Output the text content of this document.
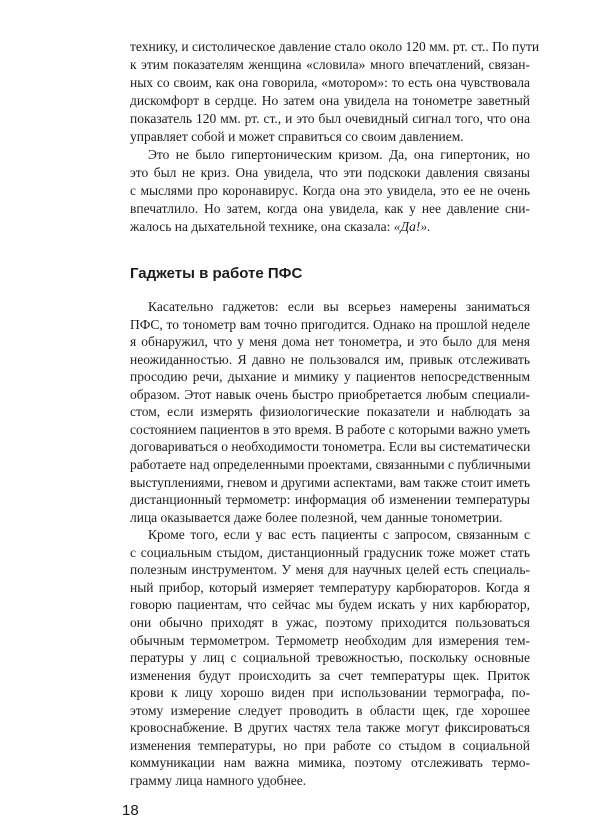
технику, и систолическое давление стало около 120 мм. рт. ст.. По пути
к этим показателям женщина «словила» много впечатлений, связан-
ных со своим, как она говорила, «мотором»: то есть она чувствовала
дискомфорт в сердце. Но затем она увидела на тонометре заветный
показатель 120 мм. рт. ст., и это был очевидный сигнал того, что она
управляет собой и может справиться со своим давлением.
Это не было гипертоническим кризом. Да, она гипертоник, но
это был не криз. Она увидела, что эти подскоки давления связаны
с мыслями про коронавирус. Когда она это увидела, это ее не очень
впечатлило. Но затем, когда она увидела, как у нее давление сни-
жалось на дыхательной технике, она сказала: «Да!».
Гаджеты в работе ПФС
Касательно гаджетов: если вы всерьез намерены заниматься
ПФС, то тонометр вам точно пригодится. Однако на прошлой неделе
я обнаружил, что у меня дома нет тонометра, и это было для меня
неожиданностью. Я давно не пользовался им, привык отслеживать
просодию речи, дыхание и мимику у пациентов непосредственным
образом. Этот навык очень быстро приобретается любым специали-
стом, если измерять физиологические показатели и наблюдать за
состоянием пациентов в это время. В работе с которыми важно уметь
договариваться о необходимости тонометра. Если вы систематически
работаете над определенными проектами, связанными с публичными
выступлениями, гневом и другими аспектами, вам также стоит иметь
дистанционный термометр: информация об изменении температуры
лица оказывается даже более полезной, чем данные тонометрии.
Кроме того, если у вас есть пациенты с запросом, связанным с
с социальным стыдом, дистанционный градусник тоже может стать
полезным инструментом. У меня для научных целей есть специаль-
ный прибор, который измеряет температуру карбюраторов. Когда я
говорю пациентам, что сейчас мы будем искать у них карбюратор,
они обычно приходят в ужас, поэтому приходится пользоваться
обычным термометром. Термометр необходим для измерения тем-
пературы у лиц с социальной тревожностью, поскольку основные
изменения будут происходить за счет температуры щек. Приток
крови к лицу хорошо виден при использовании термографа, по-
этому измерение следует проводить в области щек, где хорошее
кровоснабжение. В других частях тела также могут фиксироваться
изменения температуры, но при работе со стыдом в социальной
коммуникации нам важна мимика, поэтому отслеживать термо-
грамму лица намного удобнее.
18
